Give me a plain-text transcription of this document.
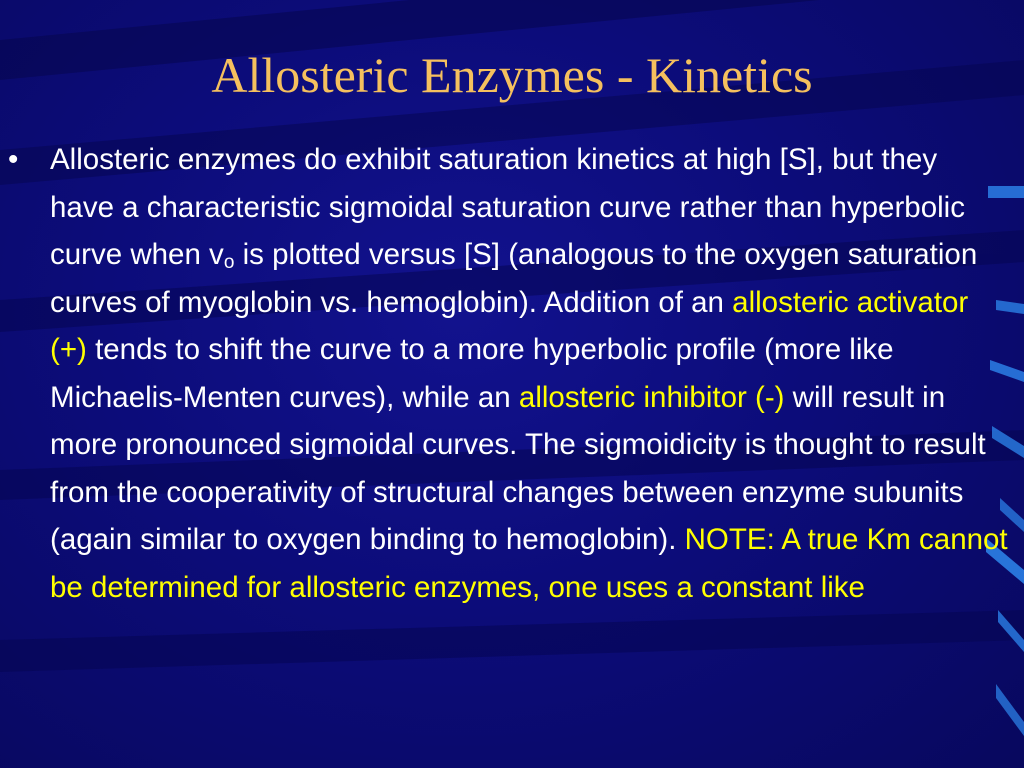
Allosteric Enzymes - Kinetics
•	Allosteric enzymes do exhibit saturation kinetics at high [S], but they have a characteristic sigmoidal saturation curve rather than hyperbolic curve when $v_o$ is plotted versus [S] (analogous to the oxygen saturation curves of myoglobin vs. hemoglobin). Addition of an allosteric activator (+) tends to shift the curve to a more hyperbolic profile (more like Michaelis-Menten curves), while an allosteric inhibitor (-) will result in more pronounced sigmoidal curves. The sigmoidicity is thought to result from the cooperativity of structural changes between enzyme subunits (again similar to oxygen binding to hemoglobin). NOTE: A true Km cannot be determined for allosteric enzymes, one uses a constant like
